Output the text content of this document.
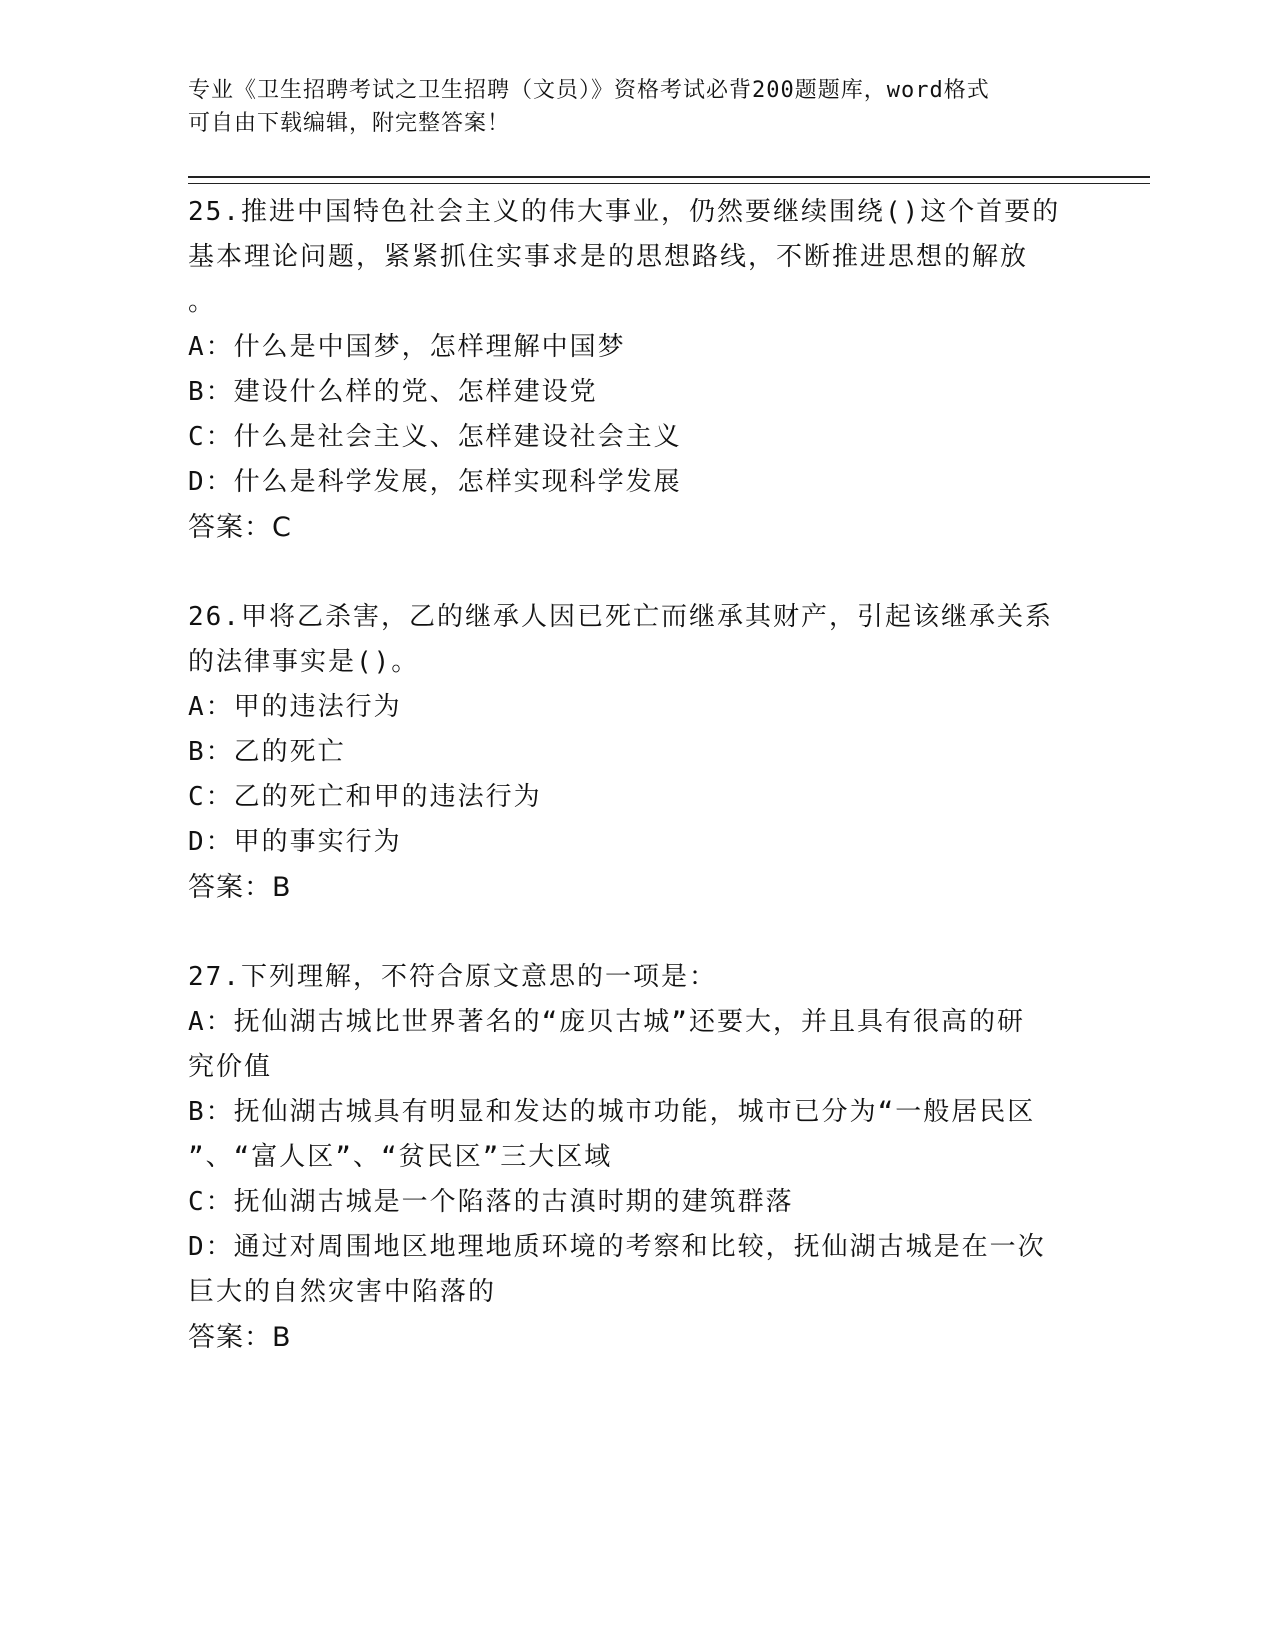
专业《卫生招聘考试之卫生招聘（文员）》资格考试必背200题题库，word格式
可自由下载编辑，附完整答案！
25.推进中国特色社会主义的伟大事业，仍然要继续围绕()这个首要的
基本理论问题，紧紧抓住实事求是的思想路线，不断推进思想的解放
。
A： 什么是中国梦，怎样理解中国梦
B： 建设什么样的党、怎样建设党
C： 什么是社会主义、怎样建设社会主义
D： 什么是科学发展，怎样实现科学发展
答案：C
26.甲将乙杀害，乙的继承人因已死亡而继承其财产，引起该继承关系
的法律事实是()。
A： 甲的违法行为
B： 乙的死亡
C： 乙的死亡和甲的违法行为
D： 甲的事实行为
答案：B
27.下列理解，不符合原文意思的一项是：
A： 抚仙湖古城比世界著名的“庞贝古城”还要大，并且具有很高的研
究价值
B： 抚仙湖古城具有明显和发达的城市功能，城市已分为“一般居民区
”、“富人区”、“贫民区”三大区域
C： 抚仙湖古城是一个陷落的古滇时期的建筑群落
D： 通过对周围地区地理地质环境的考察和比较，抚仙湖古城是在一次
巨大的自然灾害中陷落的
答案：B
